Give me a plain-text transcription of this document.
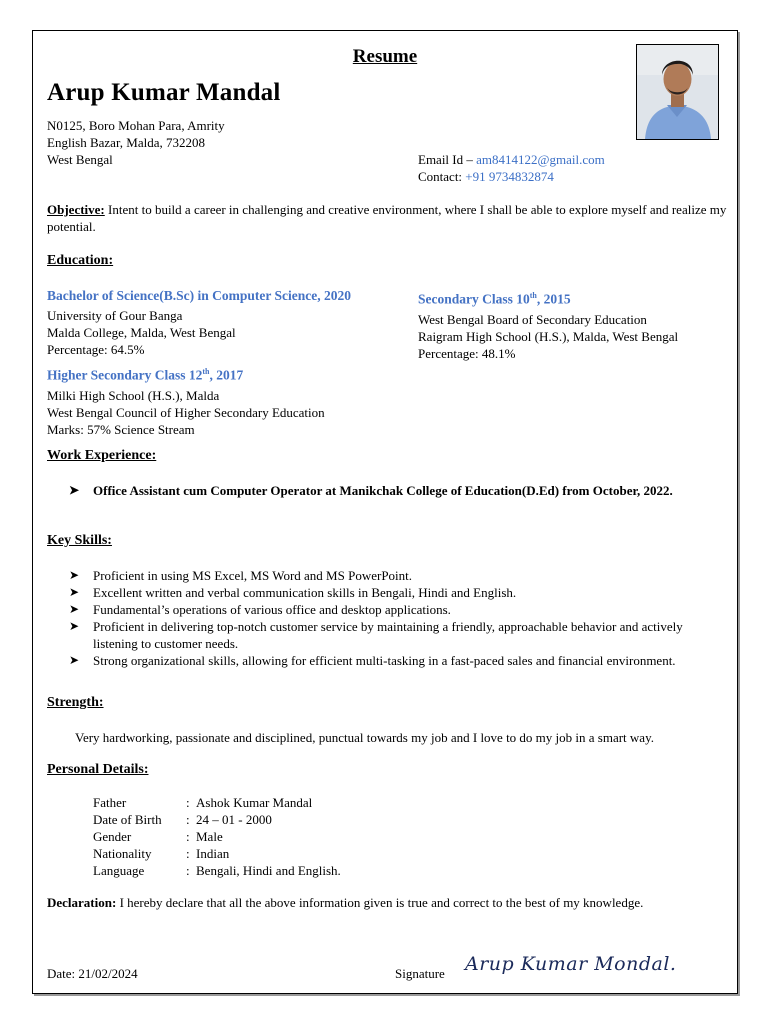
Resume
Arup Kumar Mandal
N0125, Boro Mohan Para, Amrity
English Bazar, Malda, 732208
West Bengal	Email Id – am8414122@gmail.com
Contact: +91 9734832874
Objective: Intent to build a career in challenging and creative environment, where I shall be able to explore myself and realize my potential.
Education:
Bachelor of Science(B.Sc) in Computer Science, 2020
University of Gour Banga
Malda College, Malda, West Bengal
Percentage: 64.5%
Secondary Class 10th, 2015
West Bengal Board of Secondary Education
Raigram High School (H.S.), Malda, West Bengal
Percentage: 48.1%
Higher Secondary Class 12th, 2017
Milki High School (H.S.), Malda
West Bengal Council of Higher Secondary Education
Marks: 57% Science Stream
Work Experience:
➤ Office Assistant cum Computer Operator at Manikchak College of Education(D.Ed) from October, 2022.
Key Skills:
➤ Proficient in using MS Excel, MS Word and MS PowerPoint.
➤ Excellent written and verbal communication skills in Bengali, Hindi and English.
➤ Fundamental’s operations of various office and desktop applications.
➤ Proficient in delivering top-notch customer service by maintaining a friendly, approachable behavior and actively listening to customer needs.
➤ Strong organizational skills, allowing for efficient multi-tasking in a fast-paced sales and financial environment.
Strength:
Very hardworking, passionate and disciplined, punctual towards my job and I love to do my job in a smart way.
Personal Details:
Father	: Ashok Kumar Mandal
Date of Birth	: 24 – 01 - 2000
Gender	: Male
Nationality	: Indian
Language	: Bengali, Hindi and English.
Declaration: I hereby declare that all the above information given is true and correct to the best of my knowledge.
Date: 21/02/2024	Signature Arup Kumar Mondal.
